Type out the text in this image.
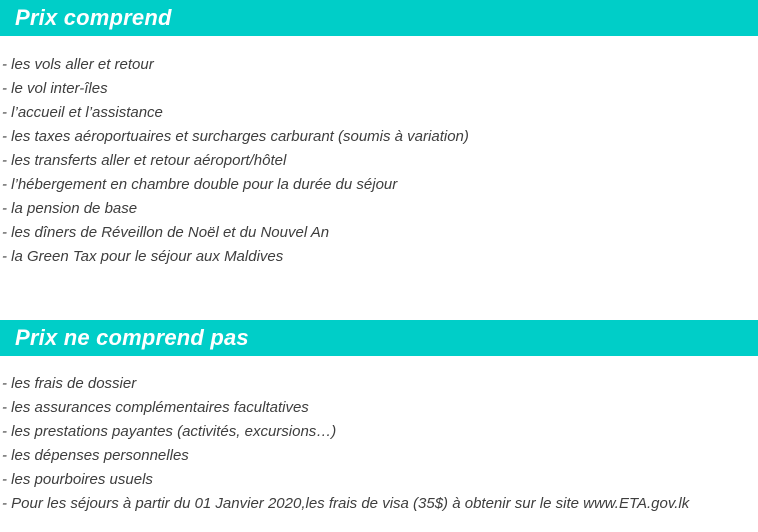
Prix comprend

- les vols aller et retour

- le vol inter-îles

- l’accueil et l’assistance

- les taxes aéroportuaires et surcharges carburant (soumis à variation)

- les transferts aller et retour aéroport/hôtel

- l’hébergement en chambre double pour la durée du séjour

- la pension de base

- les dîners de Réveillon de Noël et du Nouvel An

- la Green Tax pour le séjour aux Maldives

Prix ne comprend pas

- les frais de dossier

- les assurances complémentaires facultatives

- les prestations payantes (activités, excursions…)

- les dépenses personnelles

- les pourboires usuels

- Pour les séjours à partir du 01 Janvier 2020,les frais de visa (35$) à obtenir sur le site www.ETA.gov.lk
